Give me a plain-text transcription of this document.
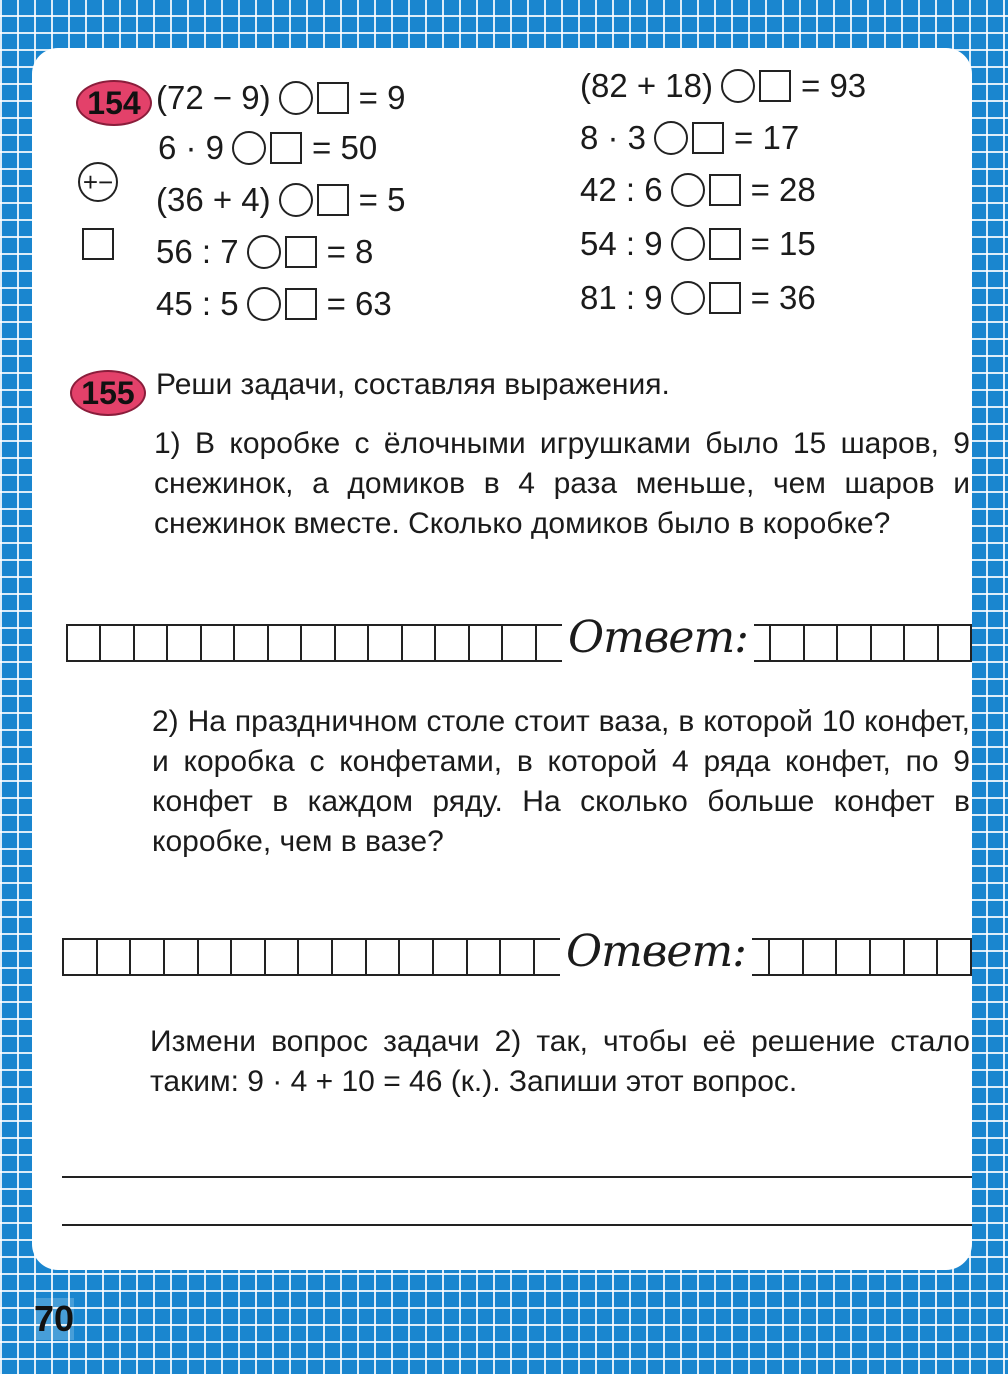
154
+−
(72 − 9)	= 9
6 · 9	= 50
(36 + 4)	= 5
56 : 7	= 8
45 : 5	= 63
(82 + 18)	= 93
8 · 3	= 17
42 : 6	= 28
54 : 9	= 15
81 : 9	= 36
155 Реши задачи, составляя выражения.
1) В коробке с ёлочными игрушками было 15 шаров, 9 снежинок, а домиков в 4 раза меньше, чем шаров и снежинок вместе. Сколько домиков было в коробке?
Ответ:
2) На праздничном столе стоит ваза, в которой 10 конфет, и коробка с конфетами, в которой 4 ряда конфет, по 9 конфет в каждом ряду. На сколько больше конфет в коробке, чем в вазе?
Ответ:
Измени вопрос задачи 2) так, чтобы её решение стало таким: 9 · 4 + 10 = 46 (к.). Запиши этот вопрос.
70
